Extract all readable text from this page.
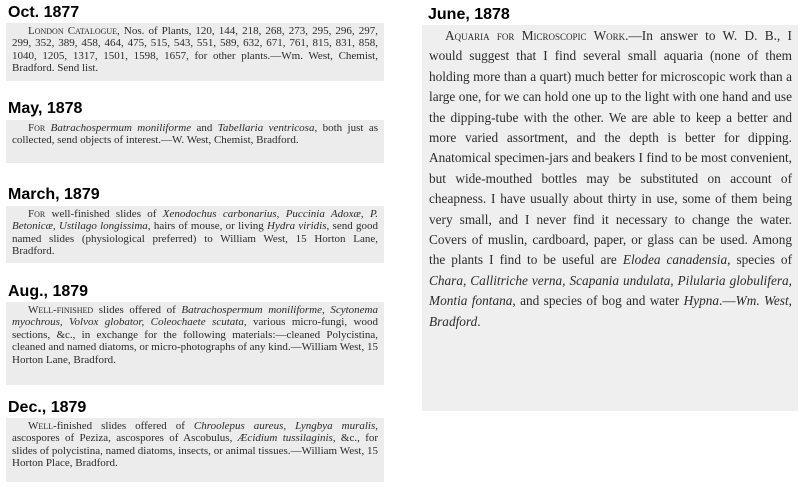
Oct. 1877

London Catalogue, Nos. of Plants, 120, 144, 218, 268, 273, 295, 296, 297, 299, 352, 389, 458, 464, 475, 515, 543, 551, 589, 632, 671, 761, 815, 831, 858, 1040, 1205, 1317, 1501, 1598, 1657, for other plants.—Wm. West, Chemist, Bradford. Send list.

May, 1878

For Batrachospermum moniliforme and Tabellaria ventricosa, both just as collected, send objects of interest.—W. West, Chemist, Bradford.

March, 1879

For well-finished slides of Xenodochus carbonarius, Puccinia Adoxæ, P. Betonicæ, Ustilago longissima, hairs of mouse, or living Hydra viridis, send good named slides (physiological preferred) to William West, 15 Horton Lane, Bradford.

Aug., 1879

Well-finished slides offered of Batrachospermum moniliforme, Scytonema myochrous, Volvox globator, Coleochaete scutata, various micro-fungi, wood sections, &c., in exchange for the following materials:—cleaned Polycistina, cleaned and named diatoms, or micro-photographs of any kind.—William West, 15 Horton Lane, Bradford.

Dec., 1879

Well-finished slides offered of Chroolepus aureus, Lyngbya muralis, ascospores of Peziza, ascospores of Ascobulus, Æcidium tussilaginis, &c., for slides of polycistina, named diatoms, insects, or animal tissues.—William West, 15 Horton Place, Bradford.

June, 1878

Aquaria for Microscopic Work.—In answer to W. D. B., I would suggest that I find several small aquaria (none of them holding more than a quart) much better for microscopic work than a large one, for we can hold one up to the light with one hand and use the dipping-tube with the other. We are able to keep a better and more varied assortment, and the depth is better for dipping. Anatomical specimen-jars and beakers I find to be most convenient, but wide-mouthed bottles may be substituted on account of cheapness. I have usually about thirty in use, some of them being very small, and I never find it necessary to change the water. Covers of muslin, cardboard, paper, or glass can be used. Among the plants I find to be useful are Elodea canadensia, species of Chara, Callitriche verna, Scapania undulata, Pilularia globulifera, Montia fontana, and species of bog and water Hypna.—Wm. West, Bradford.
